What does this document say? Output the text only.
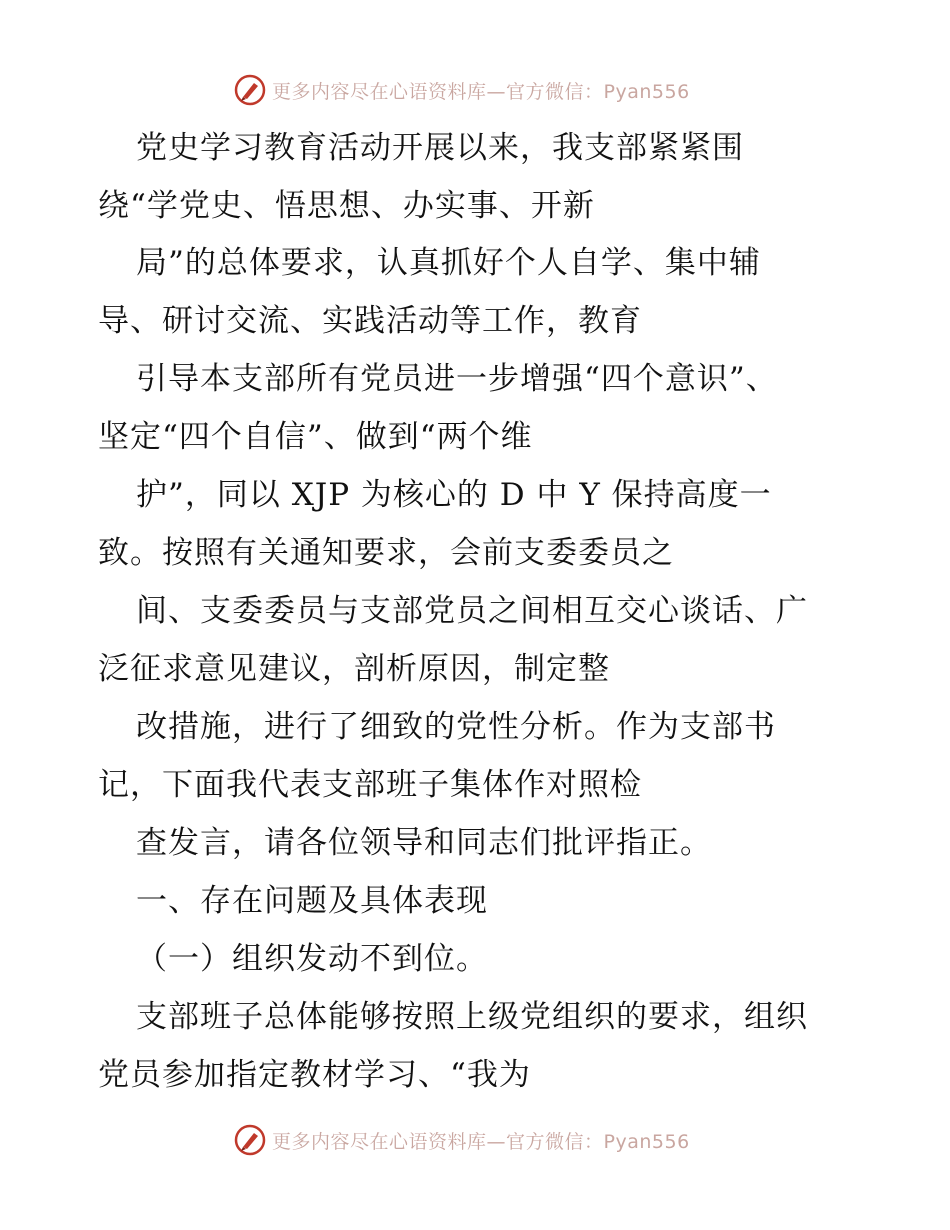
更多内容尽在心语资料库—官方微信：Pyan556
党史学习教育活动开展以来，我支部紧紧围
绕“学党史、悟思想、办实事、开新
局”的总体要求，认真抓好个人自学、集中辅
导、研讨交流、实践活动等工作，教育
引导本支部所有党员进一步增强“四个意识”、
坚定“四个自信”、做到“两个维
护”，同以 XJP 为核心的 D 中 Y 保持高度一
致。按照有关通知要求，会前支委委员之
间、支委委员与支部党员之间相互交心谈话、广
泛征求意见建议，剖析原因，制定整
改措施，进行了细致的党性分析。作为支部书
记，下面我代表支部班子集体作对照检
查发言，请各位领导和同志们批评指正。
一、存在问题及具体表现
（一）组织发动不到位。
支部班子总体能够按照上级党组织的要求，组织
党员参加指定教材学习、“我为
更多内容尽在心语资料库—官方微信：Pyan556
